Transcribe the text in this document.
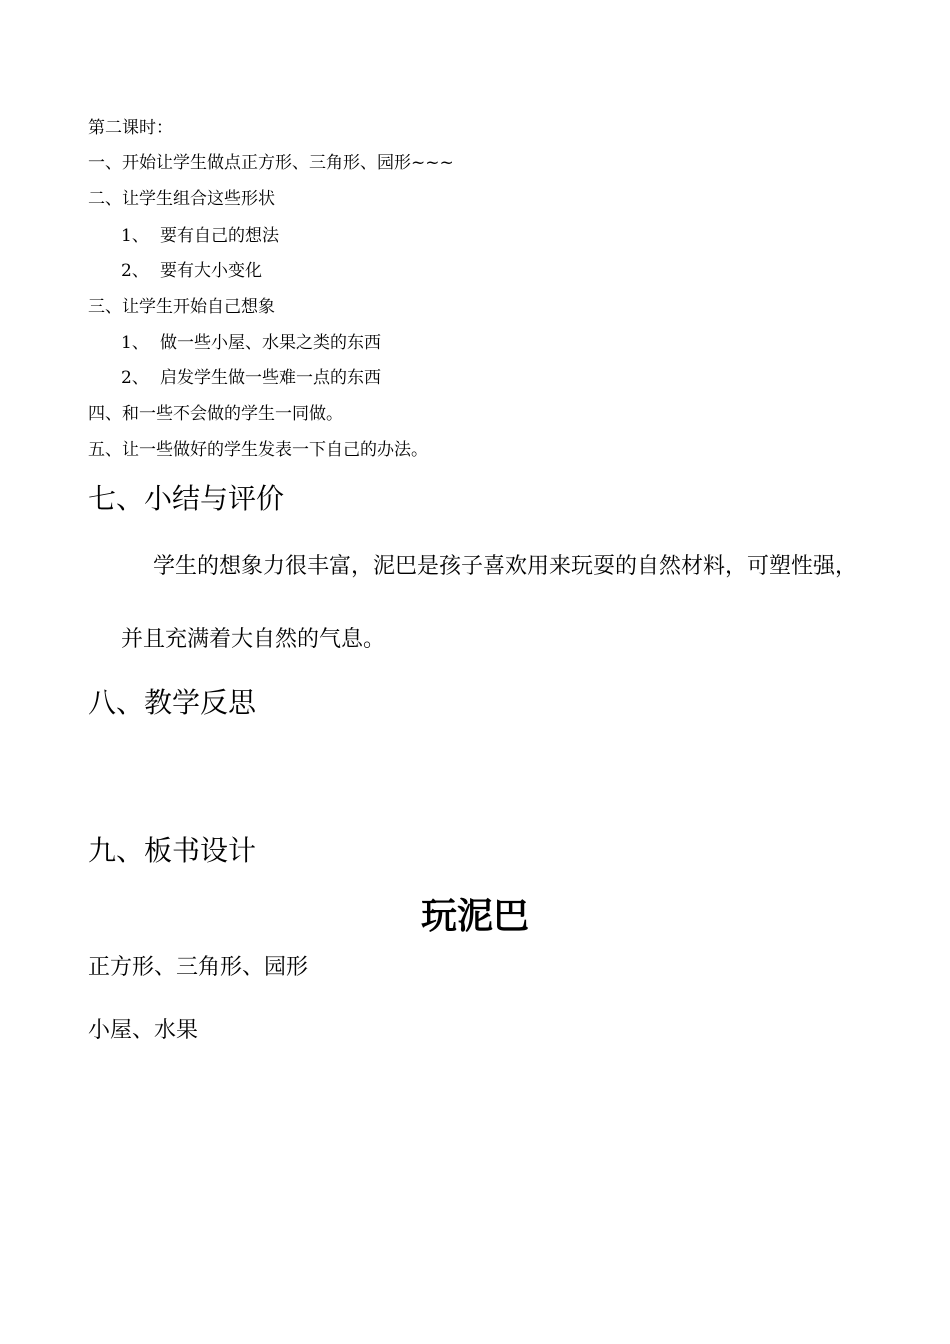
第二课时：
一、开始让学生做点正方形、三角形、园形~~~
二、让学生组合这些形状
1、 要有自己的想法
2、 要有大小变化
三、让学生开始自己想象
1、 做一些小屋、水果之类的东西
2、 启发学生做一些难一点的东西
四、和一些不会做的学生一同做。
五、让一些做好的学生发表一下自己的办法。
七、小结与评价
学生的想象力很丰富，泥巴是孩子喜欢用来玩耍的自然材料，可塑性强，
并且充满着大自然的气息。
八、教学反思
九、板书设计
玩泥巴
正方形、三角形、园形
小屋、水果
